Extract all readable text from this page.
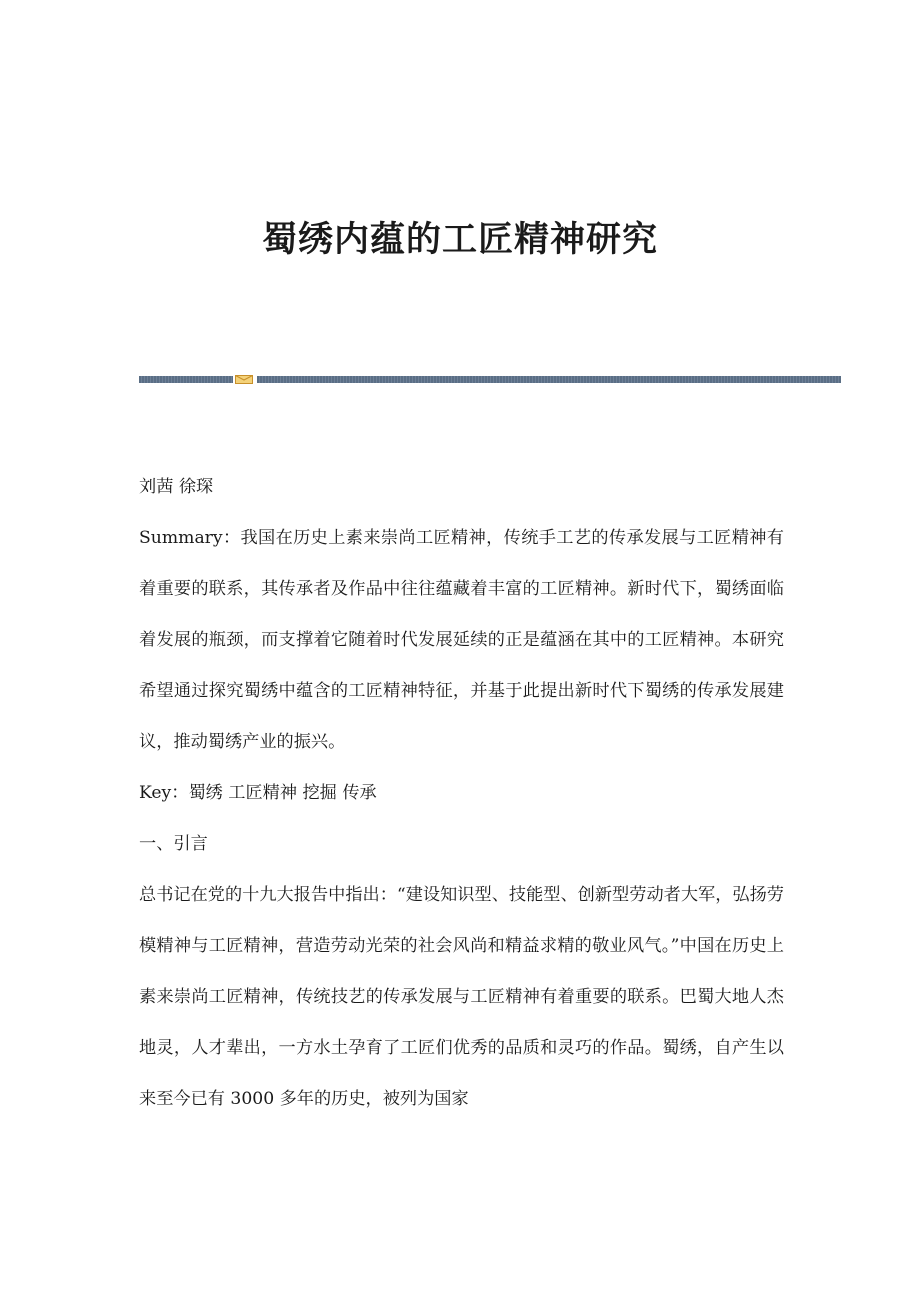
蜀绣内蕴的工匠精神研究

刘茜 徐琛

Summary：我国在历史上素来崇尚工匠精神，传统手工艺的传承发展与工匠精神有着重要的联系，其传承者及作品中往往蕴藏着丰富的工匠精神。新时代下，蜀绣面临着发展的瓶颈，而支撑着它随着时代发展延续的正是蕴涵在其中的工匠精神。本研究希望通过探究蜀绣中蕴含的工匠精神特征，并基于此提出新时代下蜀绣的传承发展建议，推动蜀绣产业的振兴。

Key：蜀绣 工匠精神 挖掘 传承

一、引言

总书记在党的十九大报告中指出：“建设知识型、技能型、创新型劳动者大军，弘扬劳模精神与工匠精神，营造劳动光荣的社会风尚和精益求精的敬业风气。”中国在历史上素来崇尚工匠精神，传统技艺的传承发展与工匠精神有着重要的联系。巴蜀大地人杰地灵，人才辈出，一方水土孕育了工匠们优秀的品质和灵巧的作品。蜀绣，自产生以来至今已有 3000 多年的历史，被列为国家
